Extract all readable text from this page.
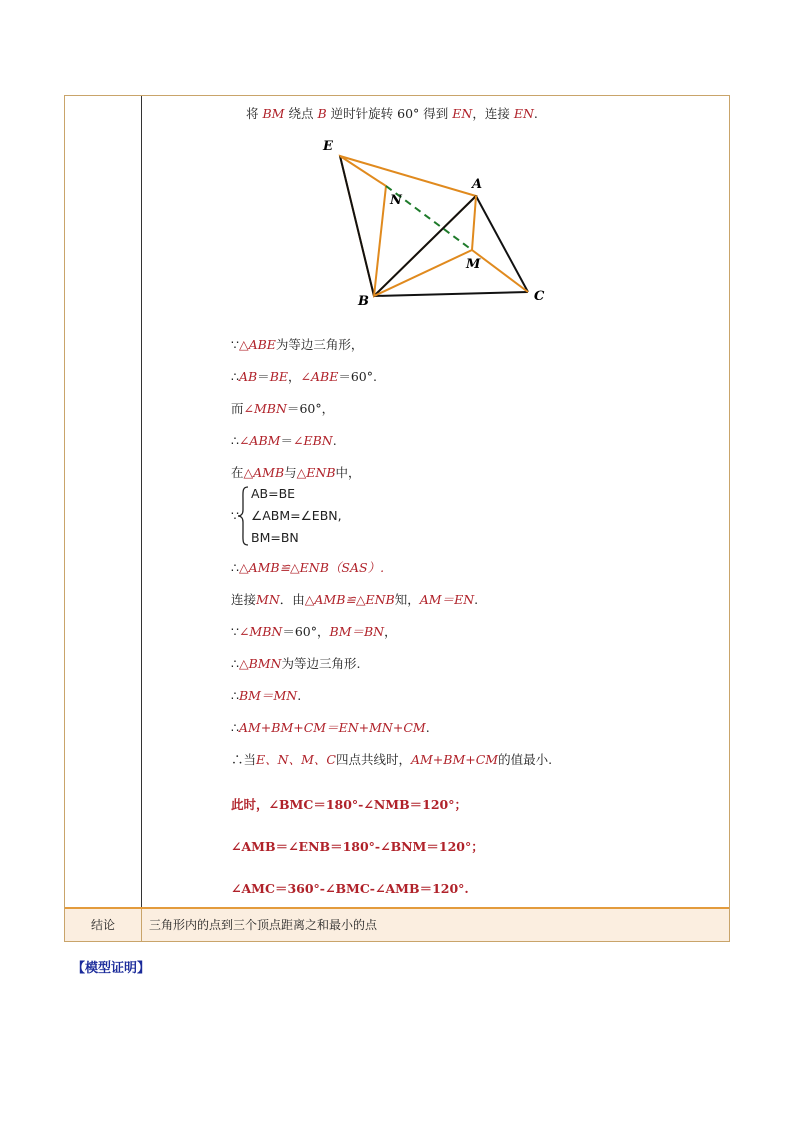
结论	三角形内的点到三个顶点距离之和最小的点
将 BM 绕点 B 逆时针旋转 60° 得到 EN，连接 EN.
E
A
N
M
B	C
∵△ABE为等边三角形，
∴AB＝BE，∠ABE＝60°.
而∠MBN＝60°，
∴∠ABM＝∠EBN.
在△AMB与△ENB中，
∵
AB=BE
∠ABM=∠EBN,
BM=BN
∴△AMB≌△ENB（SAS）.
连接MN．由△AMB≌△ENB知，AM＝EN.
∵∠MBN＝60°，BM＝BN，
∴△BMN为等边三角形.
∴BM＝MN.
∴AM+BM+CM＝EN+MN+CM.
∴当E、N、M、C四点共线时，AM+BM+CM的值最小.
此时，∠BMC＝180°-∠NMB＝120°；
∠AMB＝∠ENB＝180°-∠BNM＝120°；
∠AMC＝360°-∠BMC-∠AMB＝120°.
【模型证明】
